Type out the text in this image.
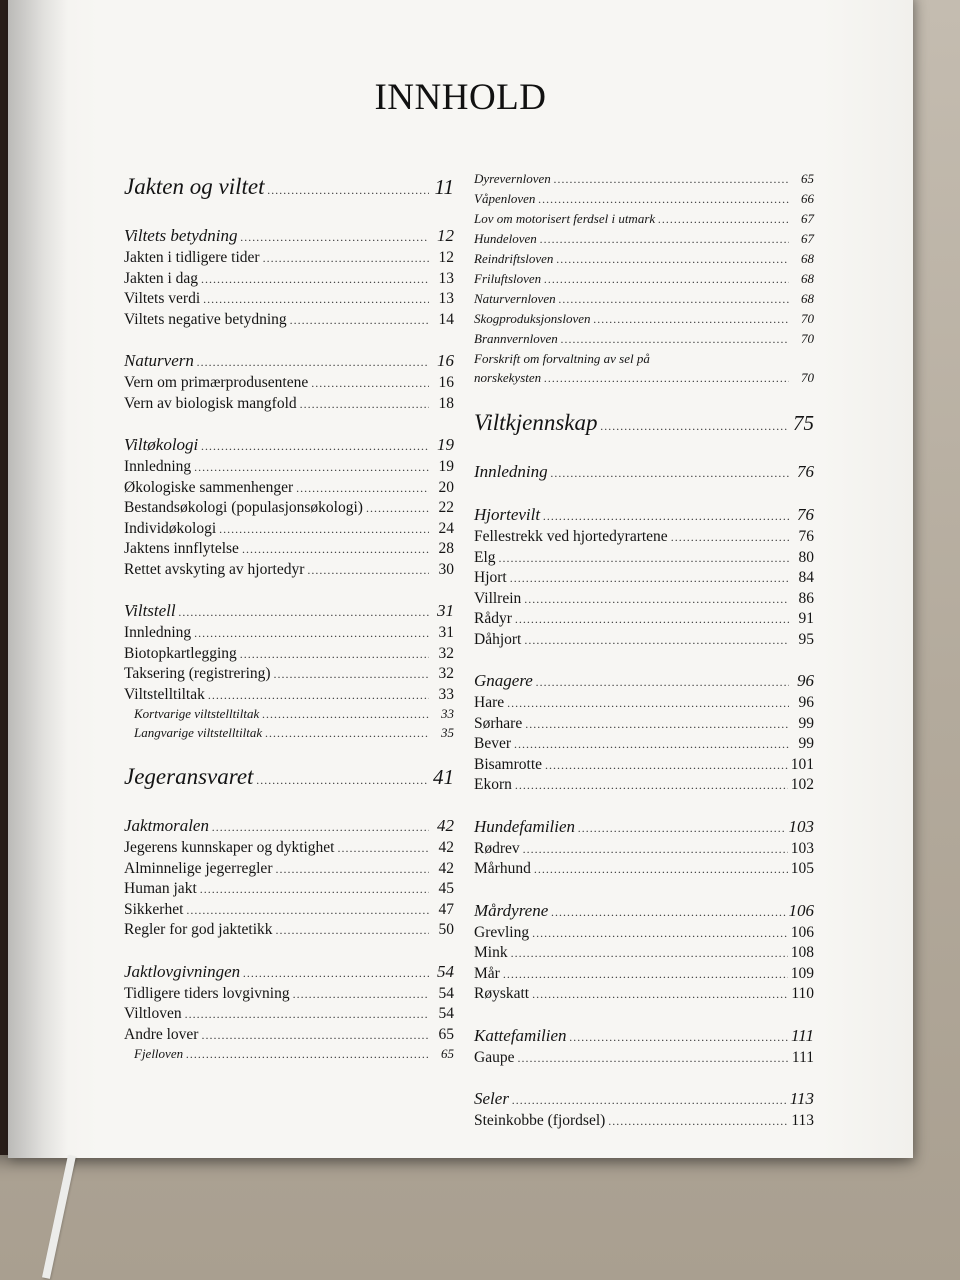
INNHOLD
Jakten og viltet .....	11
Viltets betydning .....	12
Jakten i tidligere tider .....	12
Jakten i dag .....	13
Viltets verdi .....	13
Viltets negative betydning .....	14
Naturvern .....	16
Vern om primærprodusentene .....	16
Vern av biologisk mangfold .....	18
Viltøkologi .....	19
Innledning .....	19
Økologiske sammenhenger .....	20
Bestandsøkologi (populasjonsøkologi) .....	22
Individøkologi .....	24
Jaktens innflytelse .....	28
Rettet avskyting av hjortedyr .....	30
Viltstell .....	31
Innledning .....	31
Biotopkartlegging .....	32
Taksering (registrering) .....	32
Viltstelltiltak .....	33
Kortvarige viltstelltiltak .....	33
Langvarige viltstelltiltak .....	35
Jegeransvaret .....	41
Jaktmoralen .....	42
Jegerens kunnskaper og dyktighet .....	42
Alminnelige jegerregler .....	42
Human jakt .....	45
Sikkerhet .....	47
Regler for god jaktetikk .....	50
Jaktlovgivningen .....	54
Tidligere tiders lovgivning .....	54
Viltloven .....	54
Andre lover .....	65
Fjelloven .....	65
Dyrevernloven .....	65
Våpenloven .....	66
Lov om motorisert ferdsel i utmark .....	67
Hundeloven .....	67
Reindriftsloven .....	68
Friluftsloven .....	68
Naturvernloven .....	68
Skogproduksjonsloven .....	70
Brannvernloven .....	70
Forskrift om forvaltning av sel på
norskekysten .....	70
Viltkjennskap .....	75
Innledning .....	76
Hjortevilt .....	76
Fellestrekk ved hjortedyrartene .....	76
Elg .....	80
Hjort .....	84
Villrein .....	86
Rådyr .....	91
Dåhjort .....	95
Gnagere .....	96
Hare .....	96
Sørhare .....	99
Bever .....	99
Bisamrotte .....	101
Ekorn .....	102
Hundefamilien .....	103
Rødrev .....	103
Mårhund .....	105
Mårdyrene .....	106
Grevling .....	106
Mink .....	108
Mår .....	109
Røyskatt .....	110
Kattefamilien .....	111
Gaupe .....	111
Seler .....	113
Steinkobbe (fjordsel) .....	113
